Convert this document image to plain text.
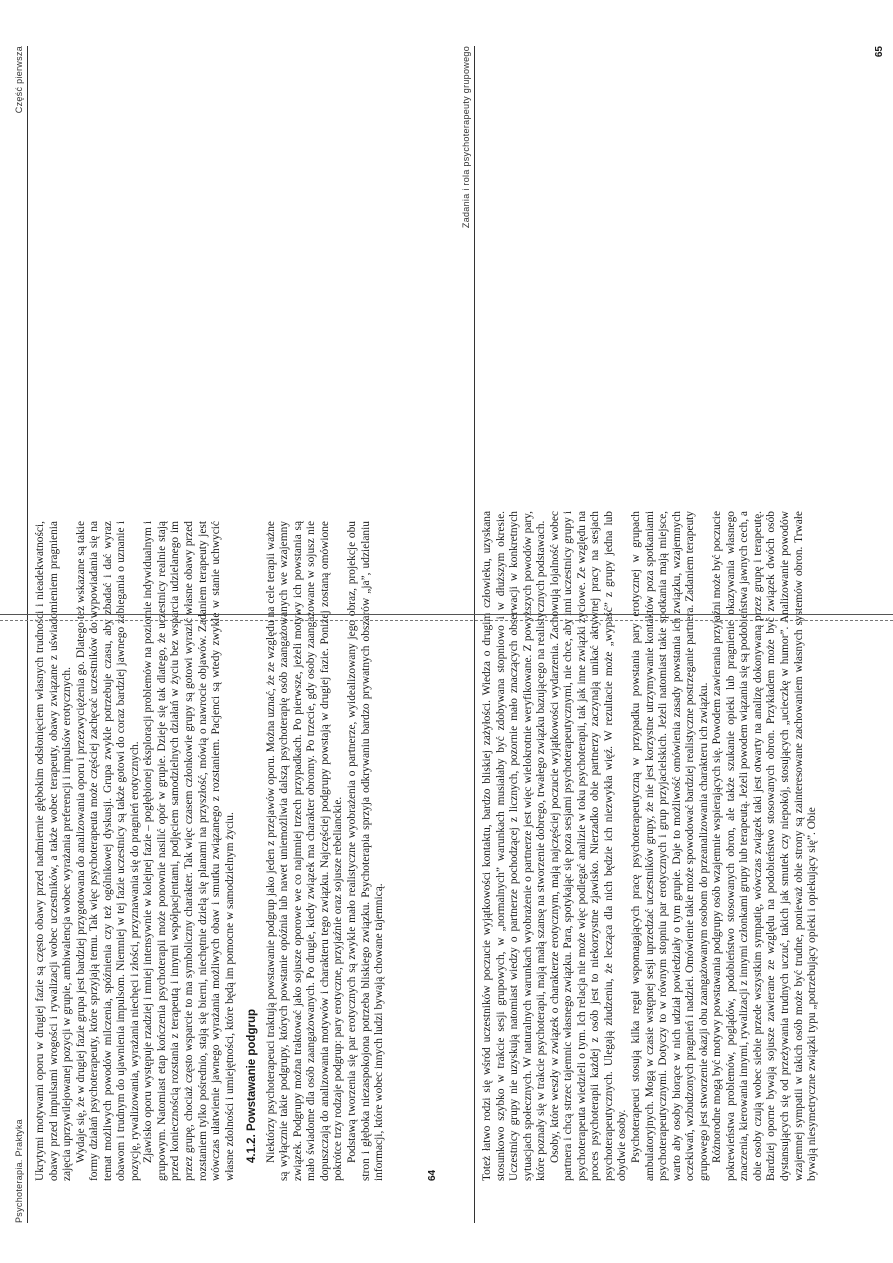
Psychoterapia. Praktyka
Część pierwsza

Ukrytymi motywami oporu w drugiej fazie są często obawy przed nadmiernie głębokim odsłonięciem własnych trudności i nieadekwatności, obawy przed impulsami wrogości i rywalizacji wobec uczestników, a także wobec terapeuty, obawy związane z uświadomieniem pragnienia zajęcia uprzywilejowanej pozycji w grupie, ambiwalencja wobec wyrażania preferencji i impulsów erotycznych. Wydaje się, że w drugiej fazie grupa jest bardziej przygotowana do analizowania oporu i przezwyciężenia go. Dlatego też wskazane są takie formy działań psychoterapeuty, które sprzyjają temu. Tak więc psychoterapeuta może częściej zachęcać uczestników do wypowiadania się na temat możliwych powodów milczenia, spóźnienia czy też ogólnikowej dyskusji. Grupa zwykle potrzebuje czasu, aby zbadać i dać wyraz obawom i trudnym do ujawnienia impulsom. Niemniej w tej fazie uczestnicy są także gotowi do coraz bardziej jawnego zabiegania o uznanie i pozycję, rywalizowania, wyrażania niechęci i złości, przyznawania się do pragnień erotycznych. Zjawisko oporu występuje rzadziej i mniej intensywnie w kolejnej fazie – pogłębionej eksploracji problemów na poziomie indywidualnym i grupowym. Natomiast etap kończenia psychoterapii może ponownie nasilić opór w grupie. Dzieje się tak dlatego, że uczestnicy realnie stają przed koniecznością rozstania z terapeutą i innymi współpacjentami, podjęciem samodzielnych działań w życiu bez wsparcia udzielanego im przez grupę, chociaż często wsparcie to ma symboliczny charakter. Tak więc czasem członkowie grupy są gotowi wyrazić własne obawy przed rozstaniem tylko pośrednio, stają się bierni, niechętnie dzielą się planami na przyszłość, mówią o nawrocie objawów. Zadaniem terapeuty jest wówczas ułatwienie jawnego wyrażania możliwych obaw i smutku związanego z rozstaniem. Pacjenci są wtedy zwykle w stanie uchwycić własne zdolności i umiejętności, które będą im pomocne w samodzielnym życiu. 4.1.2. Powstawanie podgrup Niektórzy psychoterapeuci traktują powstawanie podgrup jako jeden z przejawów oporu. Można uznać, że ze względu na cele terapii ważne są wyłącznie takie podgrupy, których powstanie opóźnia lub nawet uniemożliwia dalszą psychoterapię osób zaangażowanych we wzajemny związek. Podgrupy można traktować jako sojusze oporowe we co najmniej trzech przypadkach. Po pierwsze, jeżeli motywy ich powstania są mało świadome dla osób zaangażowanych. Po drugie, kiedy związek ma charakter obronny. Po trzecie, gdy osoby zaangażowane w sojusz nie dopuszczają do analizowania motywów i charakteru tego związku. Najczęściej podgrupy powstają w drugiej fazie. Poniżej zostaną omówione pokrótce trzy rodzaje podgrup: pary erotyczne, przyjaźnie oraz sojusze rebelianckie. Podstawą tworzenia się par erotycznych są zwykle mało realistyczne wyobrażenia o partnerze, wyidealizowany jego obraz, projekcje obu stron i głęboka niezaspokojona potrzeba bliskiego związku. Psychoterapia sprzyja odkrywaniu bardzo prywatnych obszarów „ja”, udzielaniu informacji, które wobec innych ludzi bywają chowane tajemnicą.	64
Zadania i rola psychoterapeuty grupowego

Toteż łatwo rodzi się wśród uczestników poczucie wyjątkowości kontaktu, bardzo bliskiej zażyłości. Wiedza o drugim człowieku, uzyskana stosunkowo szybko w trakcie sesji grupowych, w „normalnych” warunkach musiałaby być zdobywana stopniowo i w dłuższym okresie. Uczestnicy grupy nie uzyskują natomiast wiedzy o partnerze pochodzącej z licznych, pozornie mało znaczących obserwacji w konkretnych sytuacjach społecznych. W naturalnych warunkach wyobrażenie o partnerze jest więc wielokrotnie weryfikowane. Z powyższych powodów pary, które poznały się w trakcie psychoterapii, mają małą szansę na stworzenie dobrego, trwałego związku bazującego na realistycznych podstawach. Osoby, które weszły w związek o charakterze erotycznym, mają najczęściej poczucie wyjątkowości wydarzenia. Zachowują lojalność wobec partnera i chcą strzec tajemnic własnego związku. Para, spotykając się poza sesjami psychoterapeutycznymi, nie chce, aby inni uczestnicy grupy i psychoterapeuta wiedzieli o tym. Ich relacja nie może więc podlegać analizie w toku psychoterapii, tak jak inne związki życiowe. Ze względu na proces psychoterapii każdej z osób jest to niekorzystne zjawisko. Nierzadko obie partnerzy zaczynają unikać aktywnej pracy na sesjach psychoterapeutycznych. Ulegają złudzeniu, że lecząca dla nich będzie ich niezwykła więź. W rezultacie może „wypaść” z grupy jedna lub obydwie osoby. Psychoterapeuci stosują kilka reguł wspomagających pracę psychoterapeutyczną w przypadku powstania pary erotycznej w grupach ambulatoryjnych. Mogą w czasie wstępnej sesji uprzedzać uczestników grupy, że nie jest korzystne utrzymywanie kontaktów poza spotkaniami psychoterapeutycznymi. Dotyczy to w równym stopniu par erotycznych i grup przyjacielskich. Jeżeli natomiast takie spotkania mają miejsce, warto aby osoby biorące w nich udział powiedziały o tym grupie. Daje to możliwość omówienia zasady powstania ich związku, wzajemnych oczekiwań, wzbudzonych pragnień i nadziei. Omówienie takie może spowodować bardziej realistyczne postrzeganie partnera. Zadaniem terapeuty grupowego jest stworzenie okazji obu zaangażowanym osobom do przeanalizowania charakteru ich związku. Różnorodne mogą być motywy powstawania podgrupy osób wzajemnie wspierających się. Powodem zawierania przyjaźni może być poczucie pokrewieństwa problemów, poglądów, podobieństwo stosowanych obron, ale także szukanie opieki lub pragnienie okazywania własnego znaczenia, kierowania innymi, rywalizacji z innymi członkami grupy lub terapeutą. Jeżeli powodem wiązania się są podobieństwa jawnych cech, a obie osoby czują wobec siebie przede wszystkim sympatię, wówczas związek taki jest otwarty na analizę dokonywaną przez grupę i terapeutę. Bardziej oporne bywają sojusze zawierane ze względu na podobieństwo stosowanych obron. Przykładem może być związek dwóch osób dystansujących się od przeżywania trudnych uczuć, takich jak smutek czy niepokój, stosujących „ucieczkę w humor”. Analizowanie powodów wzajemnej sympatii w takich osób może być trudne, ponieważ obie strony są zainteresowane zachowaniem własnych systemów obron. Trwałe bywają niesymetryczne związki typu „potrzebujący opieki i opiekujący się”. Obie

65
